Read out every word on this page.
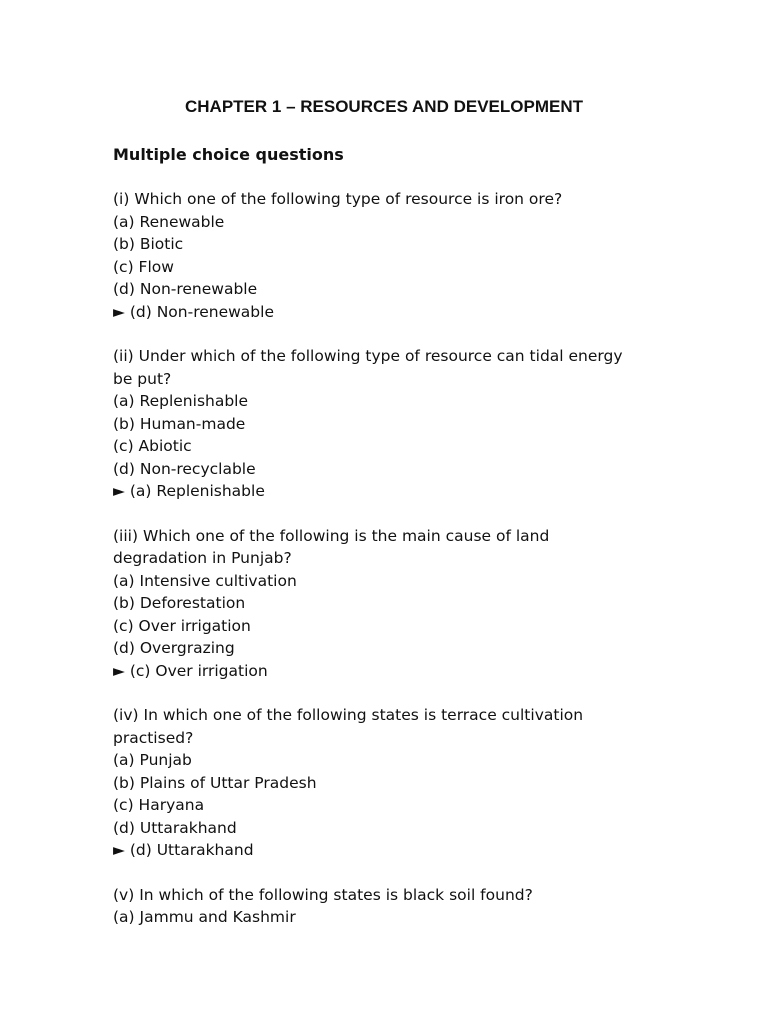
CHAPTER 1 – RESOURCES AND DEVELOPMENT
Multiple choice questions
(i) Which one of the following type of resource is iron ore?
(a) Renewable
(b) Biotic
(c) Flow
(d) Non-renewable
► (d) Non-renewable
(ii) Under which of the following type of resource can tidal energy
be put?
(a) Replenishable
(b) Human-made
(c) Abiotic
(d) Non-recyclable
► (a) Replenishable
(iii) Which one of the following is the main cause of land
degradation in Punjab?
(a) Intensive cultivation
(b) Deforestation
(c) Over irrigation
(d) Overgrazing
► (c) Over irrigation
(iv) In which one of the following states is terrace cultivation
practised?
(a) Punjab
(b) Plains of Uttar Pradesh
(c) Haryana
(d) Uttarakhand
► (d) Uttarakhand
(v) In which of the following states is black soil found?
(a) Jammu and Kashmir
